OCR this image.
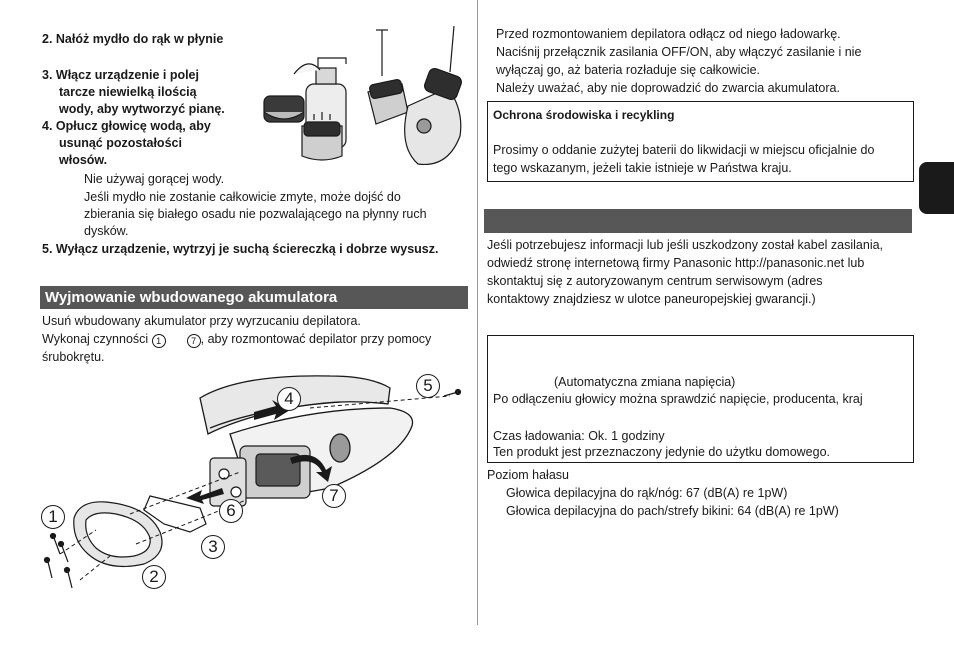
2. Nałóż mydło do rąk w płynie
3. Włącz urządzenie i polej
tarcze niewielką ilością
wody, aby wytworzyć pianę.
4. Opłucz głowicę wodą, aby
usunąć pozostałości
włosów.
Nie używaj gorącej wody.
Jeśli mydło nie zostanie całkowicie zmyte, może dojść do
zbierania się białego osadu nie pozwalającego na płynny ruch
dysków.
5. Wyłącz urządzenie, wytrzyj je suchą ściereczką i dobrze wysusz.
Wyjmowanie wbudowanego akumulatora
Usuń wbudowany akumulator przy wyrzucaniu depilatora.
Wykonaj czynności 1	7 , aby rozmontować depilator przy pomocy
śrubokrętu.
1
2
3
4
5
6
7
Przed rozmontowaniem depilatora odłącz od niego ładowarkę.
Naciśnij przełącznik zasilania OFF/ON, aby włączyć zasilanie i nie
wyłączaj go, aż bateria rozładuje się całkowicie.
Należy uważać, aby nie doprowadzić do zwarcia akumulatora.
Ochrona środowiska i recykling
Prosimy o oddanie zużytej baterii do likwidacji w miejscu oficjalnie do
tego wskazanym, jeżeli takie istnieje w Państwa kraju.
Jeśli potrzebujesz informacji lub jeśli uszkodzony został kabel zasilania,
odwiedź stronę internetową firmy Panasonic http://panasonic.net lub
skontaktuj się z autoryzowanym centrum serwisowym (adres
kontaktowy znajdziesz w ulotce paneuropejskiej gwarancji.)
(Automatyczna zmiana napięcia)
Po odłączeniu głowicy można sprawdzić napięcie, producenta, kraj
Czas ładowania: Ok. 1 godziny
Ten produkt jest przeznaczony jedynie do użytku domowego.
Poziom hałasu
Głowica depilacyjna do rąk/nóg: 67 (dB(A) re 1pW)
Głowica depilacyjna do pach/strefy bikini: 64 (dB(A) re 1pW)
